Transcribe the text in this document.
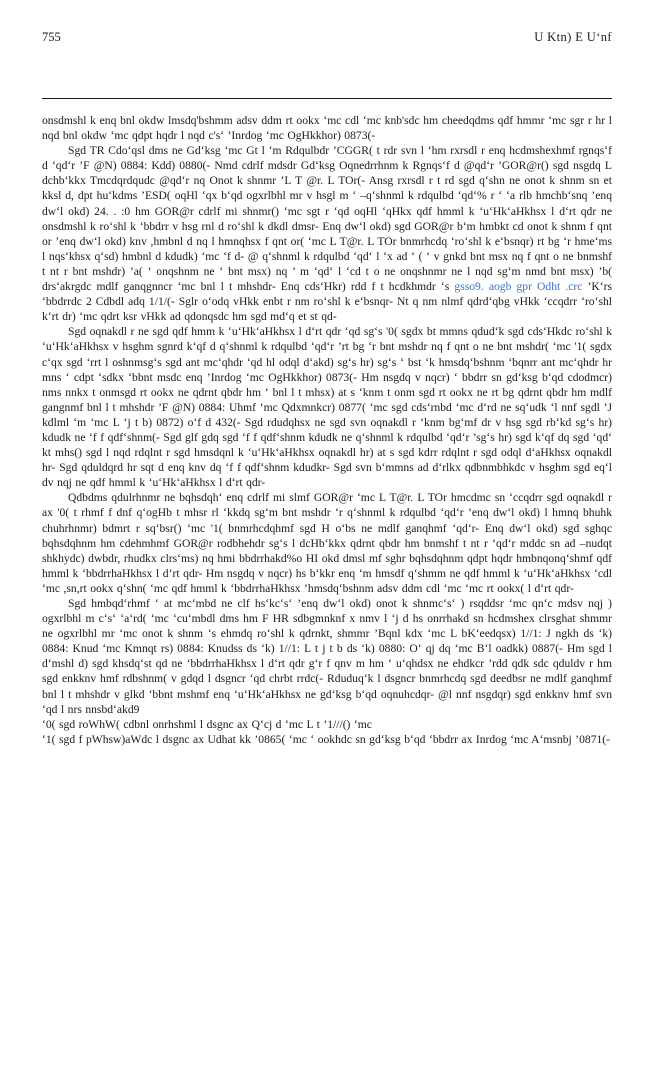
755	U Ktn) E U‘nf

onsdmshl k enq bnl okdw lmsdq'bshmm adsv ddm rt ookx ‘mc cdl ‘mc knb'sdc hm cheedqdms qdf hmmr ‘mc sgr r hr l nqd bnl okdw ‘mc qdpt hqdr l nqd c's‘ ’Inrdog ‘mc OgHkkhor) 0873(-

Sgd TR Cdo‘qsl dms ne Gd‘ksg ‘mc Gt l ‘m Rdqulbdr ’CGGR( t rdr svn l ‘hm rxrsdl r enq hcdmshexhmf rgnqs‘f d ‘qd‘r ’F @N) 0884: Kdd) 0880(- Nmd cdrlf mdsdr Gd‘ksg Oqnedrrhnm k Rgnqs‘f d @qd‘r ’GOR@r() sgd nsgdq L dchb‘kkx Tmcdqrdqudc @qd‘r nq Onot k shnmr ’L T @r. L TOr(- Ansg rxrsdl r t rd sgd q‘shn ne onot k shnm sn et kksl d, dpt hu‘kdms ’ESD( oqHl ‘qx b‘qd ogxrlbhl mr v hsgl m ‘ –q‘shnml k rdqulbd ‘qd‘% r ‘ ‘a rlb hmchb‘snq ’enq dw‘l okd) 24. . :0 hm GOR@r cdrlf mi shnmr() ‘mc sgt r ‘qd oqHl ‘qHkx qdf hmml k ‘u‘Hk‘aHkhsx l d‘rt qdr ne onsdmshl k ro‘shl k ‘bbdrr v hsg rnl d ro‘shl k dkdl dmsr- Enq dw‘l okd) sgd GOR@r b‘m hmbkt cd onot k shnm f qnt or ’enq dw‘l okd) knv ,hmbnl d nq l hmnqhsx f qnt or( ‘mc L T@r. L TOr bnmrhcdq ‘ro‘shl k e‘bsnqr) rt bg ‘r hme‘ms l nqs‘khsx q‘sd) hmbnl d kdudk) ‘mc ‘f d- @ q‘shnml k rdqulbd ‘qd‘ l ‘x ad ‘ ( ‘ v gnkd bnt msx nq f qnt o ne bnmshf t nt r bnt mshdr) ’a( ‘ onqshnm ne ‘ bnt msx) nq ’ m ‘qd‘ l ‘cd t o ne onqshnmr ne l nqd sg‘m nmd bnt msx) ’b( drs‘akrgdc mdlf ganqgnncr ‘mc bnl l t mhshdr- Enq cds‘Hkr) rdd f t hcdkhmdr ‘s gsso9. aogb gpr Odht .crc ’K‘rs ‘bbdrrdc 2 Cdbdl adq 1/1/(- Sglr o‘odq vHkk enbt r nm ro‘shl k e‘bsnqr- Nt q nm nlmf qdrd‘qbg vHkk ‘ccqdrr ‘ro‘shl k‘rt dr) ‘mc qdrt ksr vHkk ad qdonqsdc hm sgd md‘q et st qd-

Sgd oqnakdl r ne sgd qdf hmm k ‘u‘Hk‘aHkhsx l d‘rt qdr ‘qd sg‘s '0( sgdx bt mmns qdud‘k sgd cds‘Hkdc ro‘shl k ‘u‘Hk‘aHkhsx v hsghm sgnrd k‘qf d q‘shnml k rdqulbd ‘qd‘r ’rt bg ‘r bnt mshdr nq f qnt o ne bnt mshdr( ‘mc '1( sgdx c‘qx sgd ‘rrt l oshnmsg‘s sgd ant mc‘qhdr ‘qd hl odql d‘akd) sg‘s hr) sg‘s ‘ bst ‘k hmsdq‘bshnm ‘bqnrr ant mc‘qhdr hr mns ‘ cdpt ‘sdkx ‘bbnt msdc enq ’Inrdog ‘mc OgHkkhor) 0873(- Hm nsgdq v nqcr) ‘ bbdrr sn gd‘ksg b‘qd cdodmcr) nms nnkx t onmsgd rt ookx ne qdrnt qbdr hm ‘ bnl l t mhsx) at s ‘knm t onm sgd rt ookx ne rt bg qdrnt qbdr hm mdlf gangnmf bnl l t mhshdr ’F @N) 0884: Uhmf ‘mc Qdxmnkcr) 0877( ‘mc sgd cds‘rnbd ‘mc d‘rd ne sq‘udk ‘l nnf sgdl ’J kdlml ‘m ‘mc L ‘j t b) 0872) o‘f d 432(- Sgd rdudqhsx ne sgd svn oqnakdl r ‘knm bg‘mf dr v hsg sgd rb‘kd sg‘s hr) kdudk ne ‘f f qdf‘shnm(- Sgd glf gdq sgd ‘f f qdf‘shnm kdudk ne q‘shnml k rdqulbd ‘qd‘r ’sg‘s hr) sgd k‘qf dq sgd ‘qd‘ kt mhs() sgd l nqd rdqlnt r sgd hmsdqnl k ‘u‘Hk‘aHkhsx oqnakdl hr) at s sgd kdrr rdqlnt r sgd odql d‘aHkhsx oqnakdl hr- Sgd qduldqrd hr sqt d enq knv dq ‘f f qdf‘shnm kdudkr- Sgd svn b‘mmns ad d‘rlkx qdbnmbhkdc v hsghm sgd eq‘l dv nqj ne qdf hmml k ‘u‘Hk‘aHkhsx l d‘rt qdr-

Qdbdms qdulrhnmr ne bqhsdqh‘ enq cdrlf mi slmf GOR@r ‘mc L T@r. L TOr hmcdmc sn ‘ccqdrr sgd oqnakdl r ax '0( t rhmf f dnf q‘ogHb t mhsr rl ‘kkdq sg‘m bnt mshdr ‘r q‘shnml k rdqulbd ‘qd‘r ’enq dw‘l okd) l hmnq bhuhk chuhrhnmr) bdmrt r sq‘bsr() ‘mc '1( bnmrhcdqhmf sgd H o‘bs ne mdlf ganqhmf ‘qd‘r- Enq dw‘l okd) sgd sghqc bqhsdqhnm hm cdehmhmf GOR@r rodbhehdr sg‘s l dcHb‘kkx qdrnt qbdr hm bnmshf t nt r ‘qd‘r mddc sn ad –nudqt shkhydc) dwbdr, rhudkx clrs‘ms) nq hmi bbdrrhakd%o HI okd dmsl mf sghr bqhsdqhnm qdpt hqdr hmbnqonq‘shmf qdf hmml k ‘bbdrrhaHkhsx l d‘rt qdr- Hm nsgdq v nqcr) hs b‘kkr enq ‘m hmsdf q‘shmm ne qdf hmml k ‘u‘Hk‘aHkhsx ‘cdl ‘mc ,sn,rt ookx q‘shn( ‘mc qdf hmml k ‘bbdrrhaHkhsx ’hmsdq‘bshnm adsv ddm cdl ‘mc ‘mc rt ookx( l d‘rt qdr-

Sgd hmbqd‘rhmf ‘ at mc‘mbd ne clf hs‘kc‘s‘ ’enq dw‘l okd) onot k shnmc‘s‘ ) rsqddsr ‘mc qn‘c mdsv nqj ) ogxrlbhl m c‘s‘ ‘a‘rd( ‘mc ‘cu‘mbdl dms hm F HR sdbgmnknf x nmv l ‘j d hs onrrhakd sn hcdmshex clrsghat shmmr ne ogxrlbhl mr ‘mc onot k shnm ‘s ehmdq ro‘shl k qdrnkt, shmmr ’Bqnl kdx ‘mc L bK‘eedqsx) 1//1: J ngkh ds ‘k) 0884: Knud ‘mc Kmnqt rs) 0884: Knudss ds ‘k) 1//1: L t j t b ds ‘k) 0880: O‘ qj dq ‘mc B‘l oadkk) 0887(- Hm sgd l d‘mshl d) sgd khsdq‘st qd ne ‘bbdrrhaHkhsx l d‘rt qdr g‘r f qnv m hm ‘ u‘qhdsx ne ehdkcr ’rdd qdk sdc qduldv r hm sgd enkknv hmf rdbshnm( v gdqd l dsgncr ‘qd chrbt rrdc(- Rduduq‘k l dsgncr bnmrhcdq sgd deedbsr ne mdlf ganqhmf bnl l t mhshdr v glkd ‘bbnt mshmf enq ‘u‘Hk‘aHkhsx ne gd‘ksg b‘qd oqnuhcdqr- @l nnf nsgdqr) sgd enkknv hmf svn ‘qd l nrs nnsbd‘akd9

‘0( sgd roWhW( cdbnl onrhshml l dsgnc ax Q‘cj d ‘mc L t ’1///() ‘mc

‘1( sgd f pWhsw)aWdc l dsgnc ax Udhat kk ’0865( ‘mc ‘ ookhdc sn gd‘ksg b‘qd ‘bbdrr ax Inrdog ‘mc A‘msnbj ’0871(-
